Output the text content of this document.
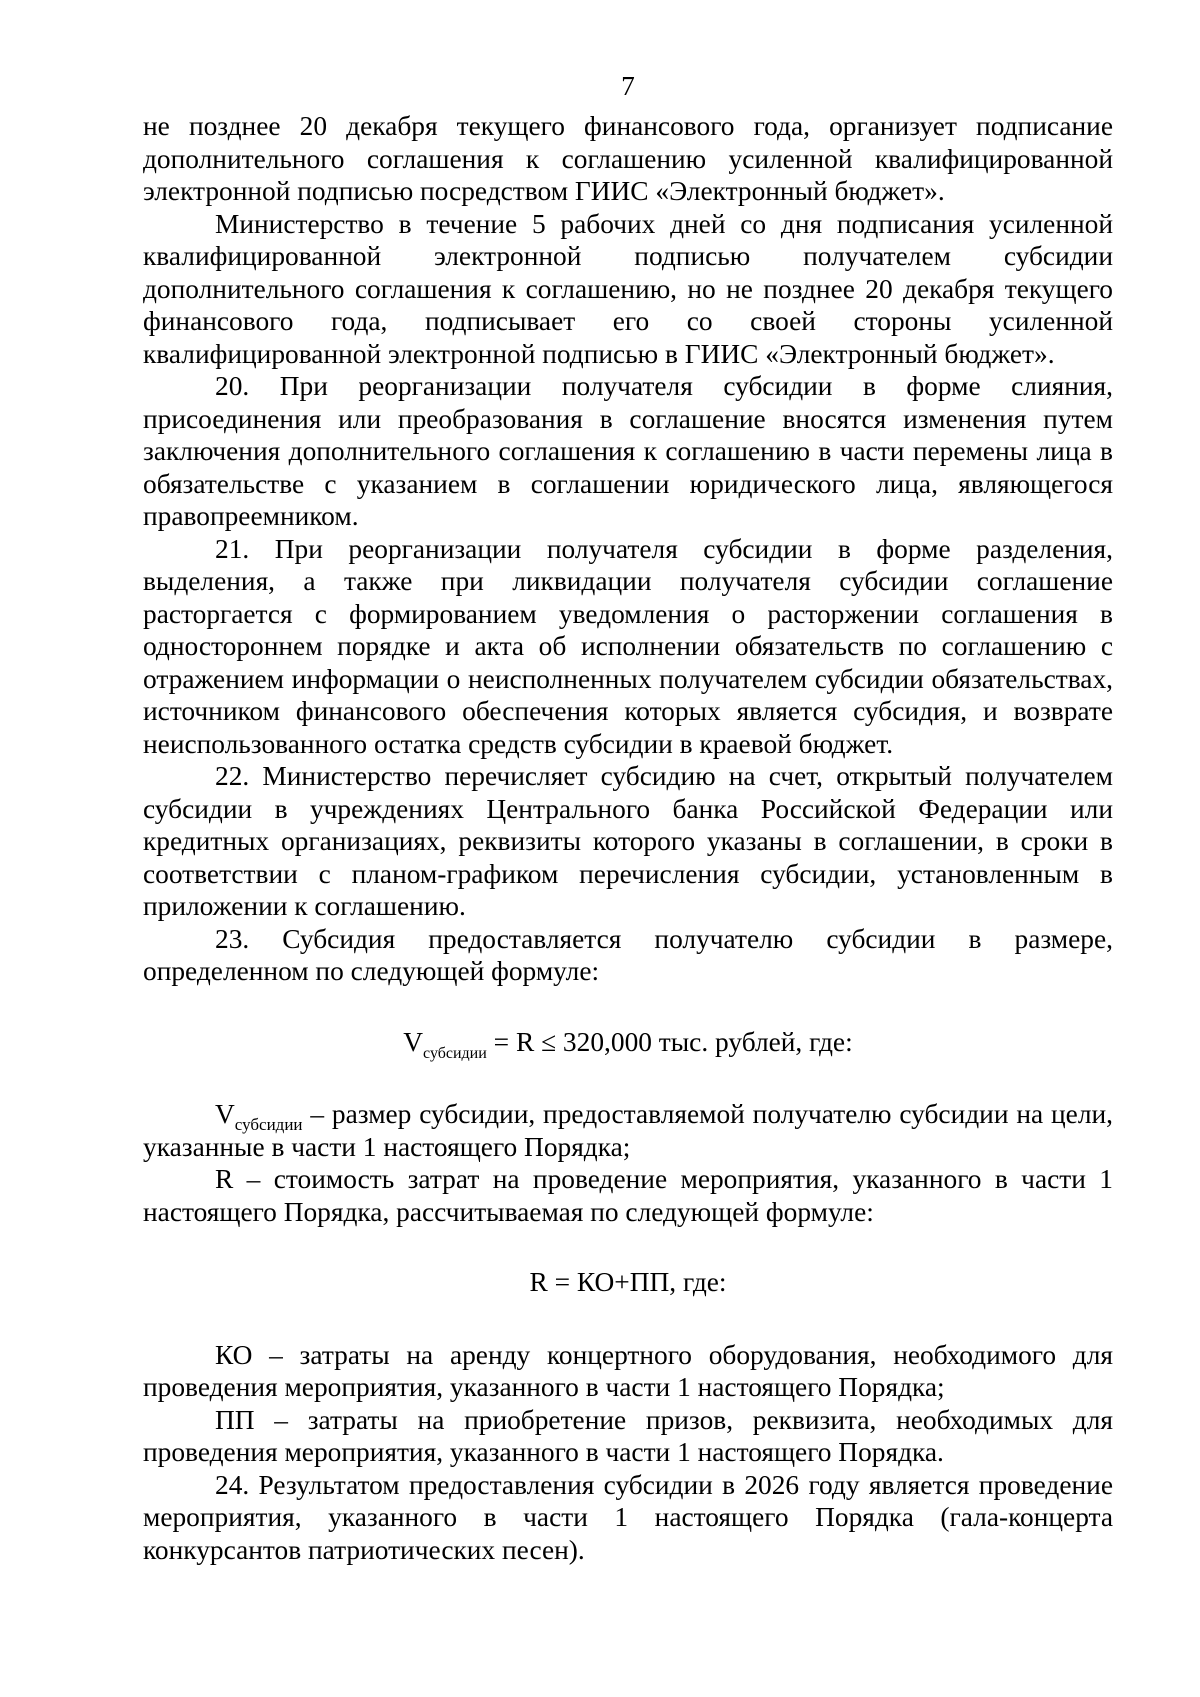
7

не позднее 20 декабря текущего финансового года, организует подписание дополнительного соглашения к соглашению усиленной квалифицированной электронной подписью посредством ГИИС «Электронный бюджет».

Министерство в течение 5 рабочих дней со дня подписания усиленной квалифицированной электронной подписью получателем субсидии дополнительного соглашения к соглашению, но не позднее 20 декабря текущего финансового года, подписывает его со своей стороны усиленной квалифицированной электронной подписью в ГИИС «Электронный бюджет».

20. При реорганизации получателя субсидии в форме слияния, присоединения или преобразования в соглашение вносятся изменения путем заключения дополнительного соглашения к соглашению в части перемены лица в обязательстве с указанием в соглашении юридического лица, являющегося правопреемником.

21. При реорганизации получателя субсидии в форме разделения, выделения, а также при ликвидации получателя субсидии соглашение расторгается с формированием уведомления о расторжении соглашения в одностороннем порядке и акта об исполнении обязательств по соглашению с отражением информации о неисполненных получателем субсидии обязательствах, источником финансового обеспечения которых является субсидия, и возврате неиспользованного остатка средств субсидии в краевой бюджет.

22. Министерство перечисляет субсидию на счет, открытый получателем субсидии в учреждениях Центрального банка Российской Федерации или кредитных организациях, реквизиты которого указаны в соглашении, в сроки в соответствии с планом-графиком перечисления субсидии, установленным в приложении к соглашению.

23. Субсидия предоставляется получателю субсидии в размере, определенном по следующей формуле:

$V_{субсидии} = R \le 320,000$ тыс. рублей, где:

$V_{субсидии}$ – размер субсидии, предоставляемой получателю субсидии на цели, указанные в части 1 настоящего Порядка;

R – стоимость затрат на проведение мероприятия, указанного в части 1 настоящего Порядка, рассчитываемая по следующей формуле:

R = КО+ПП, где:

КО – затраты на аренду концертного оборудования, необходимого для проведения мероприятия, указанного в части 1 настоящего Порядка;

ПП – затраты на приобретение призов, реквизита, необходимых для проведения мероприятия, указанного в части 1 настоящего Порядка.

24. Результатом предоставления субсидии в 2026 году является проведение мероприятия, указанного в части 1 настоящего Порядка (гала-концерта конкурсантов патриотических песен).
